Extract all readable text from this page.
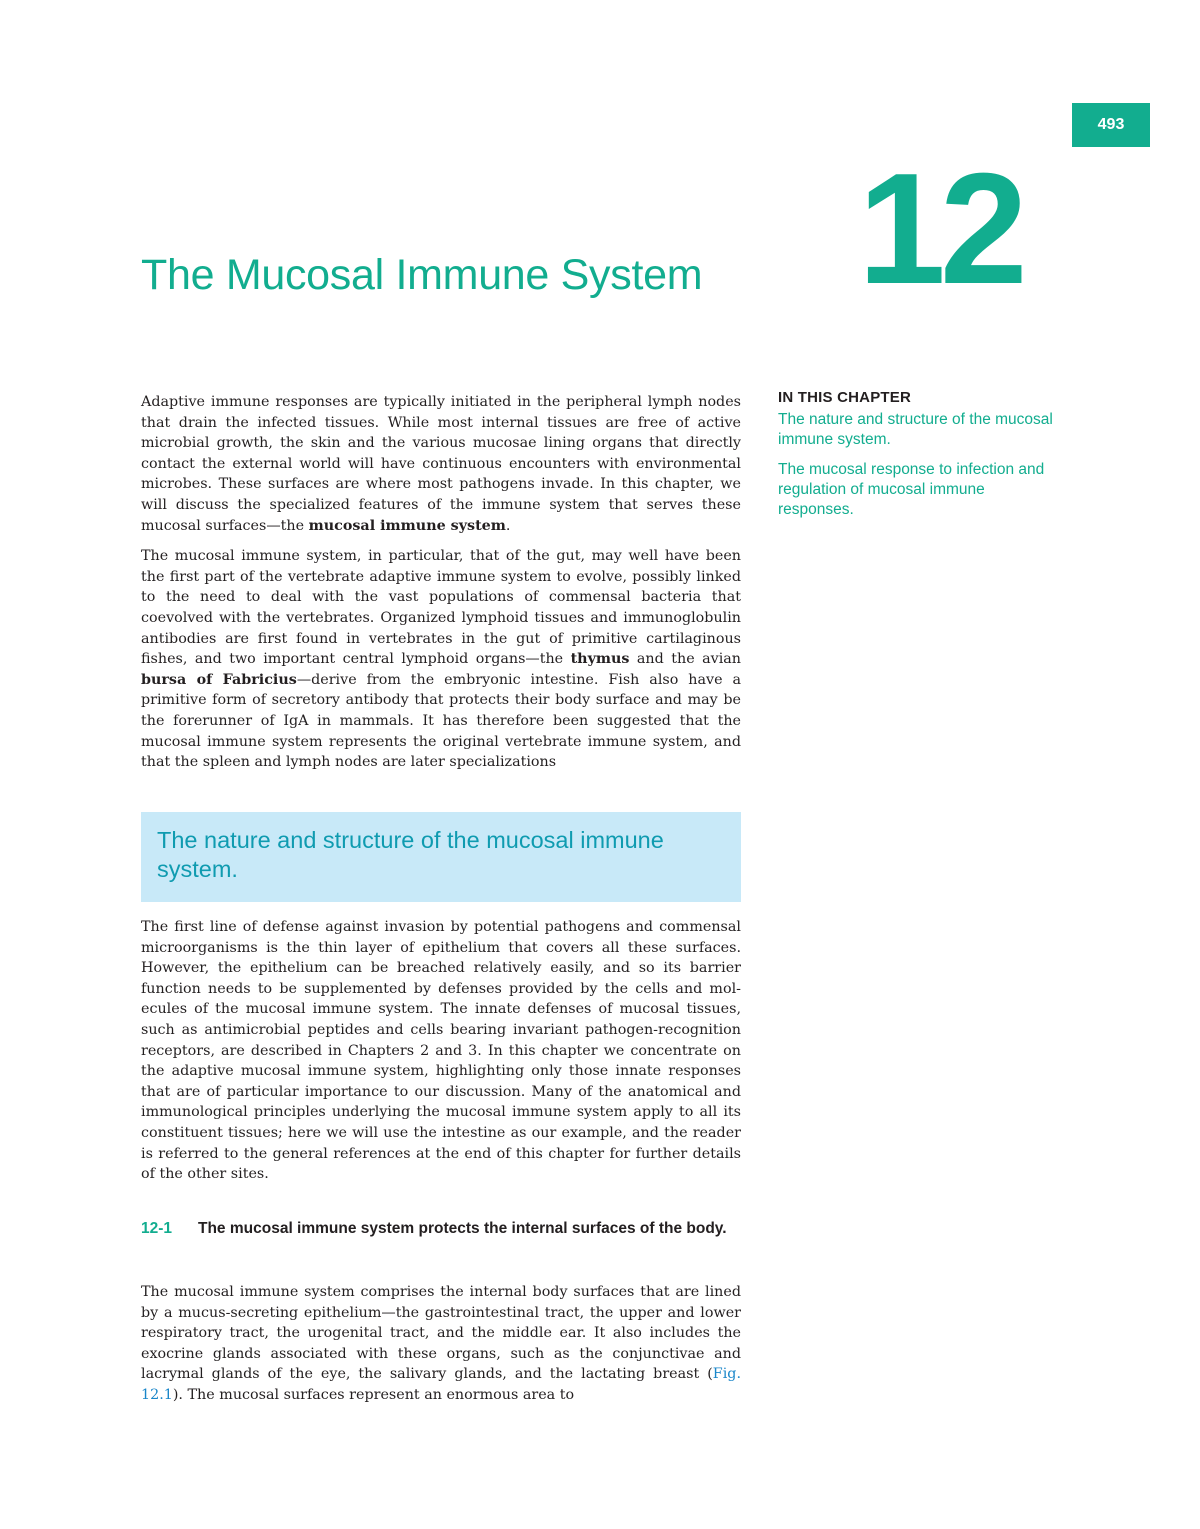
493
12
The Mucosal Immune System

Adaptive immune responses are typically initiated in the peripheral lymph nodes that drain the infected tissues. While most internal tissues are free of active microbial growth, the skin and the various mucosae lining organs that directly contact the external world will have continuous encounters with environmental microbes. These surfaces are where most pathogens invade. In this chapter, we will discuss the specialized features of the immune system that serves these mucosal surfaces—the mucosal immune system.

The mucosal immune system, in particular, that of the gut, may well have been the first part of the vertebrate adaptive immune system to evolve, possibly linked to the need to deal with the vast populations of commensal bacteria that coevolved with the vertebrates. Organized lymphoid tissues and immunoglobulin antibodies are first found in vertebrates in the gut of primitive cartilaginous fishes, and two important central lymphoid organs—the thymus and the avian bursa of Fabricius—derive from the embryonic intestine. Fish also have a primitive form of secretory antibody that protects their body surface and may be the forerunner of IgA in mammals. It has therefore been suggested that the mucosal immune system represents the original vertebrate immune system, and that the spleen and lymph nodes are later specializations

IN THIS CHAPTER

The nature and structure of the mucosal immune system.

The mucosal response to infection and regulation of mucosal immune responses.

The nature and structure of the mucosal immune system.

The first line of defense against invasion by potential pathogens and commensal microorganisms is the thin layer of epithelium that covers all these surfaces. However, the epithelium can be breached relatively easily, and so its barrier function needs to be supplemented by defenses provided by the cells and molecules of the mucosal immune system. The innate defenses of mucosal tissues, such as antimicrobial peptides and cells bearing invariant pathogen-recognition receptors, are described in Chapters 2 and 3. In this chapter we concentrate on the adaptive mucosal immune system, highlighting only those innate responses that are of particular importance to our discussion. Many of the anatomical and immunological principles underlying the mucosal immune system apply to all its constituent tissues; here we will use the intestine as our example, and the reader is referred to the general references at the end of this chapter for further details of the other sites.

12-1 The mucosal immune system protects the internal surfaces of the body.

The mucosal immune system comprises the internal body surfaces that are lined by a mucus-secreting epithelium—the gastrointestinal tract, the upper and lower respiratory tract, the urogenital tract, and the middle ear. It also includes the exocrine glands associated with these organs, such as the conjunctivae and lacrymal glands of the eye, the salivary glands, and the lactating breast (Fig. 12.1). The mucosal surfaces represent an enormous area to
